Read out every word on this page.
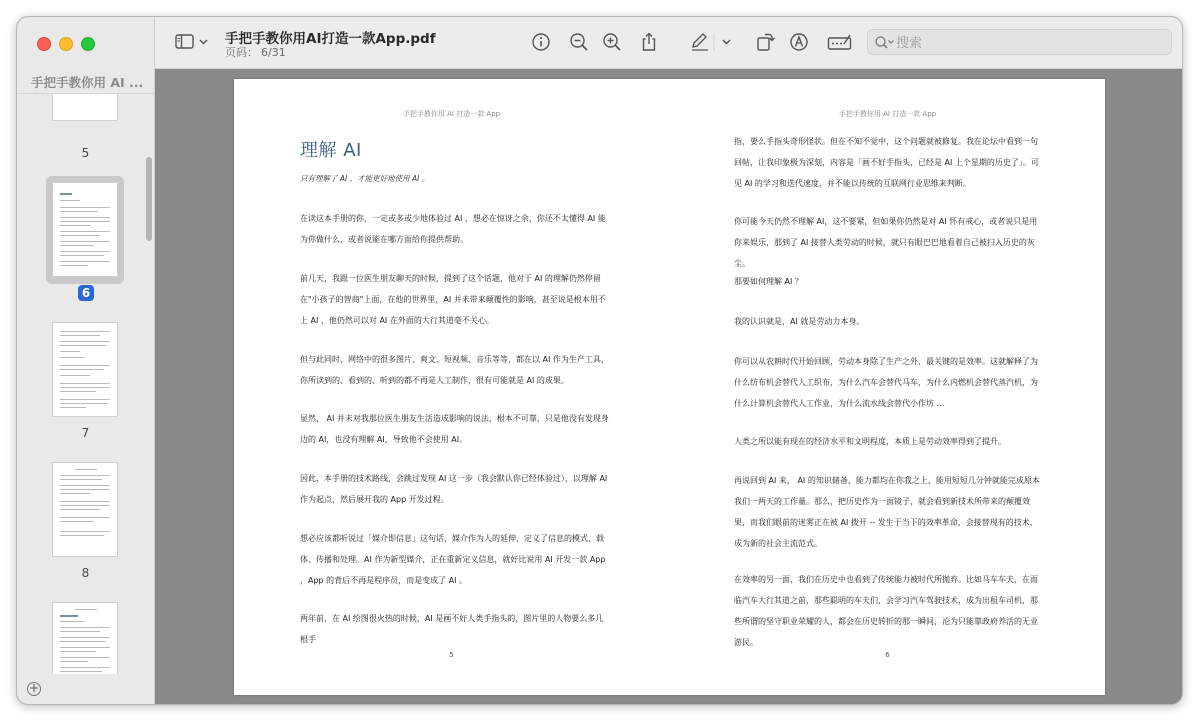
手把手教你用 AI ...
5
6
7
8
+
手把手教你用AI打造一款App.pdf
页码： 6/31
搜索
手把手教你用 AI 打造一款 App
理解 AI
只有理解了 AI ，才能更好地使用 AI 。
在读这本手册的你，一定或多或少地体验过 AI ，想必在惊讶之余，你还不太懂得 AI 能为你做什么，或者说能在哪方面给你提供帮助。
前几天，我跟一位医生朋友聊天的时候，提到了这个话题，他对于 AI 的理解仍然停留在"小孩子的智商"上面，在他的世界里，AI 并未带来颠覆性的影响，甚至说是根本用不上 AI ，他仍然可以对 AI 在外面的大行其道毫不关心。
但与此同时，网络中的很多图片、爽文、短视频、音乐等等，都在以 AI 作为生产工具，你所读到的、看到的、听到的都不再是人工制作，很有可能就是 AI 的成果。
显然， AI 并未对我那位医生朋友生活造成影响的说法，根本不可靠，只是他没有发现身边的 AI，也没有理解 AI，导致他不会使用 AI。
因此，本手册的技术路线，会跳过发现 AI 这一步（我会默认你已经体验过），以理解 AI 作为起点，然后展开我的 App 开发过程。
想必应该都听说过「媒介即信息」这句话，媒介作为人的延伸，定义了信息的模式、载体、传播和处理。AI 作为新型媒介，正在重新定义信息，就好比说用 AI 开发一款 App ，App 的背后不再是程序员，而是变成了 AI 。
两年前，在 AI 绘图很火热的时候，AI 是画不好人类手指头的，图片里的人物要么多几根手
5
手把手教你用 AI 打造一款 App
指，要么手指头奇形怪状。但在不知不觉中，这个问题就被修复。我在论坛中看到一句回帖，让我印象极为深刻，内容是「画不好手指头，已经是 AI 上个星期的历史了」。可见 AI 的学习和迭代速度，并不能以传统的互联网行业思维来判断。
你可能今天仍然不理解 AI，这不要紧，但如果你仍然是对 AI 怀有戒心，或者说只是用你来娱乐，那到了 AI 接替人类劳动的时候，就只有眼巴巴地看着自己被扫入历史的灰尘。
那要如何理解 AI ？
我的认识就是，AI 就是劳动力本身。
你可以从农耕时代开始回顾，劳动本身除了生产之外，最关键的是效率。这就解释了为什么纺布机会替代人工织布，为什么汽车会替代马车，为什么内燃机会替代蒸汽机，为什么计算机会替代人工作业，为什么流水线会替代小作坊 …
人类之所以能有现在的经济水平和文明程度，本质上是劳动效率得到了提升。
再说回到 AI 来， AI 的知识储备，能力都均在你我之上，能用短短几分钟就能完成原本我们一两天的工作量。那么，把历史作为一面镜子，就会看到新技术所带来的颠覆效果，而我们眼前的迷雾正在被 AI 拨开 -- 发生于当下的效率革命，会接替现有的技术，成为新的社会主流范式。
在效率的另一面，我们在历史中也看到了传统能力被时代所抛弃。比如马车车夫，在面临汽车大行其道之前，那些聪明的车夫们，会学习汽车驾驶技术，成为出租车司机，那些所谓的坚守职业荣耀的人，都会在历史转折的那一瞬间，沦为只能靠政府养活的无业游民。
6
